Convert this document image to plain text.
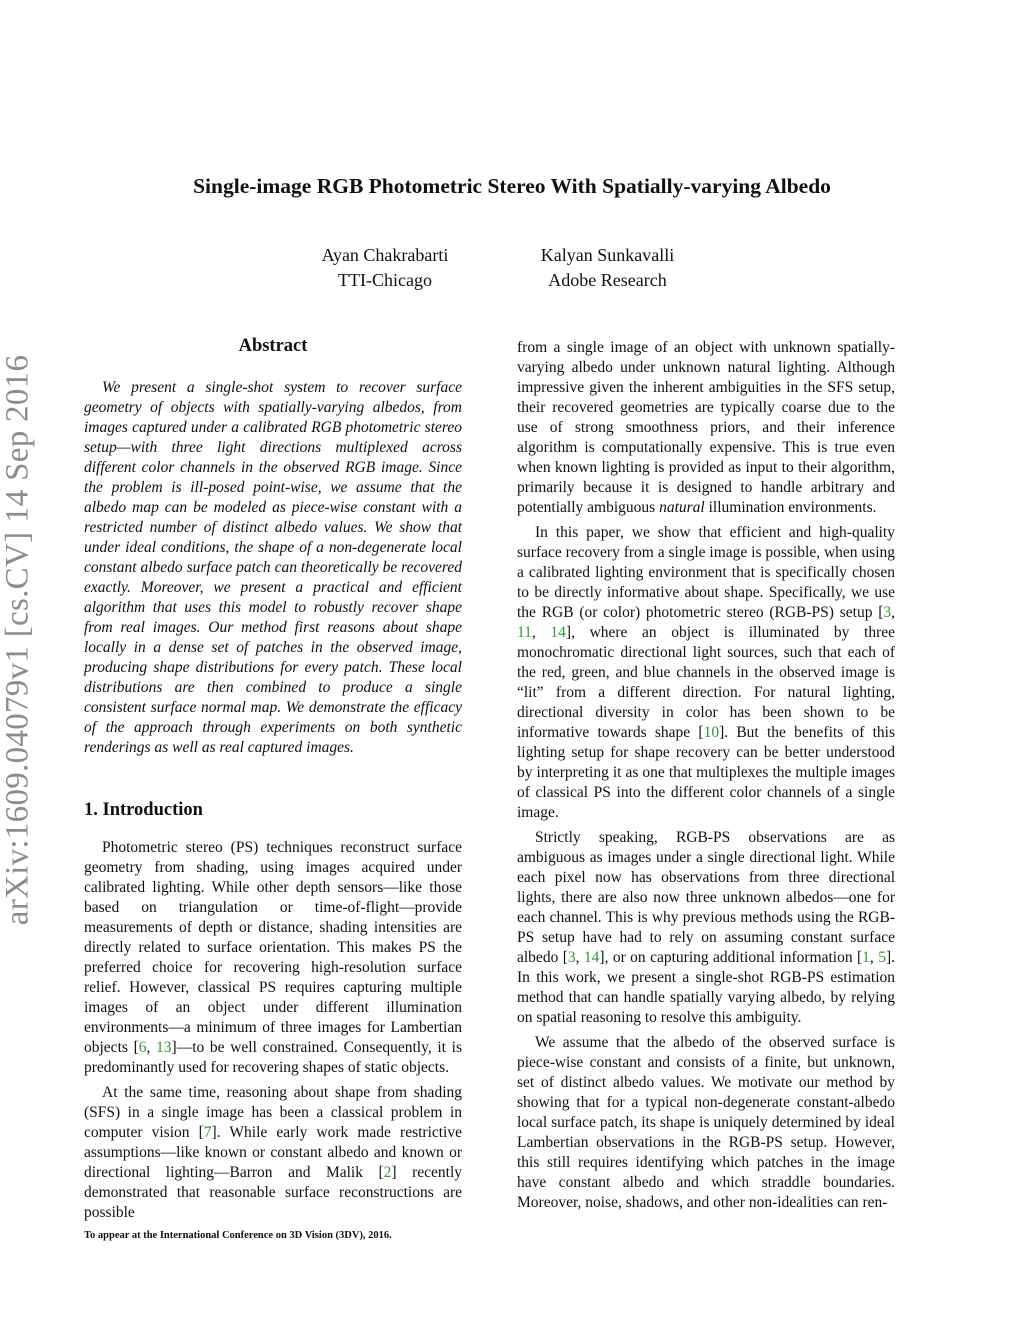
arXiv:1609.04079v1 [cs.CV] 14 Sep 2016
Single-image RGB Photometric Stereo With Spatially-varying Albedo
Ayan Chakrabarti
TTI-Chicago
Kalyan Sunkavalli
Adobe Research
Abstract

We present a single-shot system to recover surface geometry of objects with spatially-varying albedos, from images captured under a calibrated RGB photometric stereo setup—with three light directions multiplexed across different color channels in the observed RGB image. Since the problem is ill-posed point-wise, we assume that the albedo map can be modeled as piece-wise constant with a restricted number of distinct albedo values. We show that under ideal conditions, the shape of a non-degenerate local constant albedo surface patch can theoretically be recovered exactly. Moreover, we present a practical and efficient algorithm that uses this model to robustly recover shape from real images. Our method first reasons about shape locally in a dense set of patches in the observed image, producing shape distributions for every patch. These local distributions are then combined to produce a single consistent surface normal map. We demonstrate the efficacy of the approach through experiments on both synthetic renderings as well as real captured images.

1. Introduction

Photometric stereo (PS) techniques reconstruct surface geometry from shading, using images acquired under calibrated lighting. While other depth sensors—like those based on triangulation or time-of-flight—provide measurements of depth or distance, shading intensities are directly related to surface orientation. This makes PS the preferred choice for recovering high-resolution surface relief. However, classical PS requires capturing multiple images of an object under different illumination environments—a minimum of three images for Lambertian objects [6, 13]—to be well constrained. Consequently, it is predominantly used for recovering shapes of static objects.

At the same time, reasoning about shape from shading (SFS) in a single image has been a classical problem in computer vision [7]. While early work made restrictive assumptions—like known or constant albedo and known or directional lighting—Barron and Malik [2] recently demonstrated that reasonable surface reconstructions are possible

from a single image of an object with unknown spatially-varying albedo under unknown natural lighting. Although impressive given the inherent ambiguities in the SFS setup, their recovered geometries are typically coarse due to the use of strong smoothness priors, and their inference algorithm is computationally expensive. This is true even when known lighting is provided as input to their algorithm, primarily because it is designed to handle arbitrary and potentially ambiguous natural illumination environments.

In this paper, we show that efficient and high-quality surface recovery from a single image is possible, when using a calibrated lighting environment that is specifically chosen to be directly informative about shape. Specifically, we use the RGB (or color) photometric stereo (RGB-PS) setup [3, 11, 14], where an object is illuminated by three monochromatic directional light sources, such that each of the red, green, and blue channels in the observed image is “lit” from a different direction. For natural lighting, directional diversity in color has been shown to be informative towards shape [10]. But the benefits of this lighting setup for shape recovery can be better understood by interpreting it as one that multiplexes the multiple images of classical PS into the different color channels of a single image.

Strictly speaking, RGB-PS observations are as ambiguous as images under a single directional light. While each pixel now has observations from three directional lights, there are also now three unknown albedos—one for each channel. This is why previous methods using the RGB-PS setup have had to rely on assuming constant surface albedo [3, 14], or on capturing additional information [1, 5]. In this work, we present a single-shot RGB-PS estimation method that can handle spatially varying albedo, by relying on spatial reasoning to resolve this ambiguity.

We assume that the albedo of the observed surface is piece-wise constant and consists of a finite, but unknown, set of distinct albedo values. We motivate our method by showing that for a typical non-degenerate constant-albedo local surface patch, its shape is uniquely determined by ideal Lambertian observations in the RGB-PS setup. However, this still requires identifying which patches in the image have constant albedo and which straddle boundaries. Moreover, noise, shadows, and other non-idealities can ren-

To appear at the International Conference on 3D Vision (3DV), 2016.
